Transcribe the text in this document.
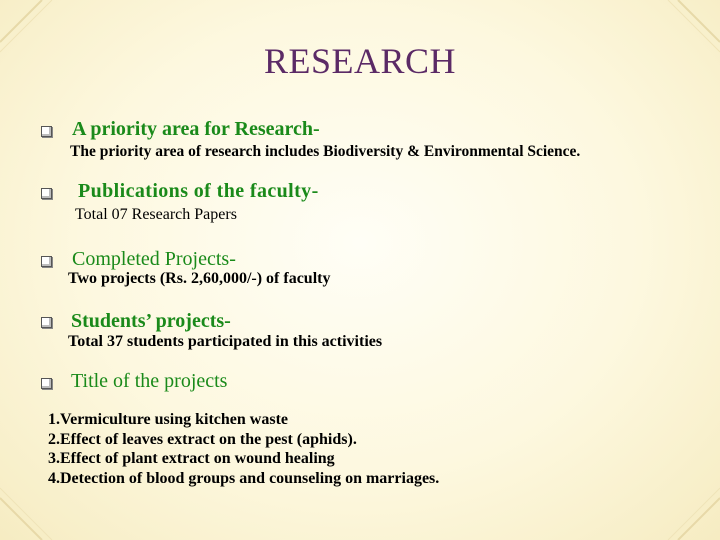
RESEARCH

A priority area for Research-

The priority area of research includes Biodiversity & Environmental Science.

Publications of the faculty-

Total 07 Research Papers

Completed Projects-

Two projects (Rs. 2,60,000/-) of faculty

Students’ projects-

Total 37 students participated in this activities

Title of the projects

1.Vermiculture using kitchen waste
2.Effect of leaves extract on the pest (aphids).
3.Effect of plant extract on wound healing
4.Detection of blood groups and counseling on marriages.
